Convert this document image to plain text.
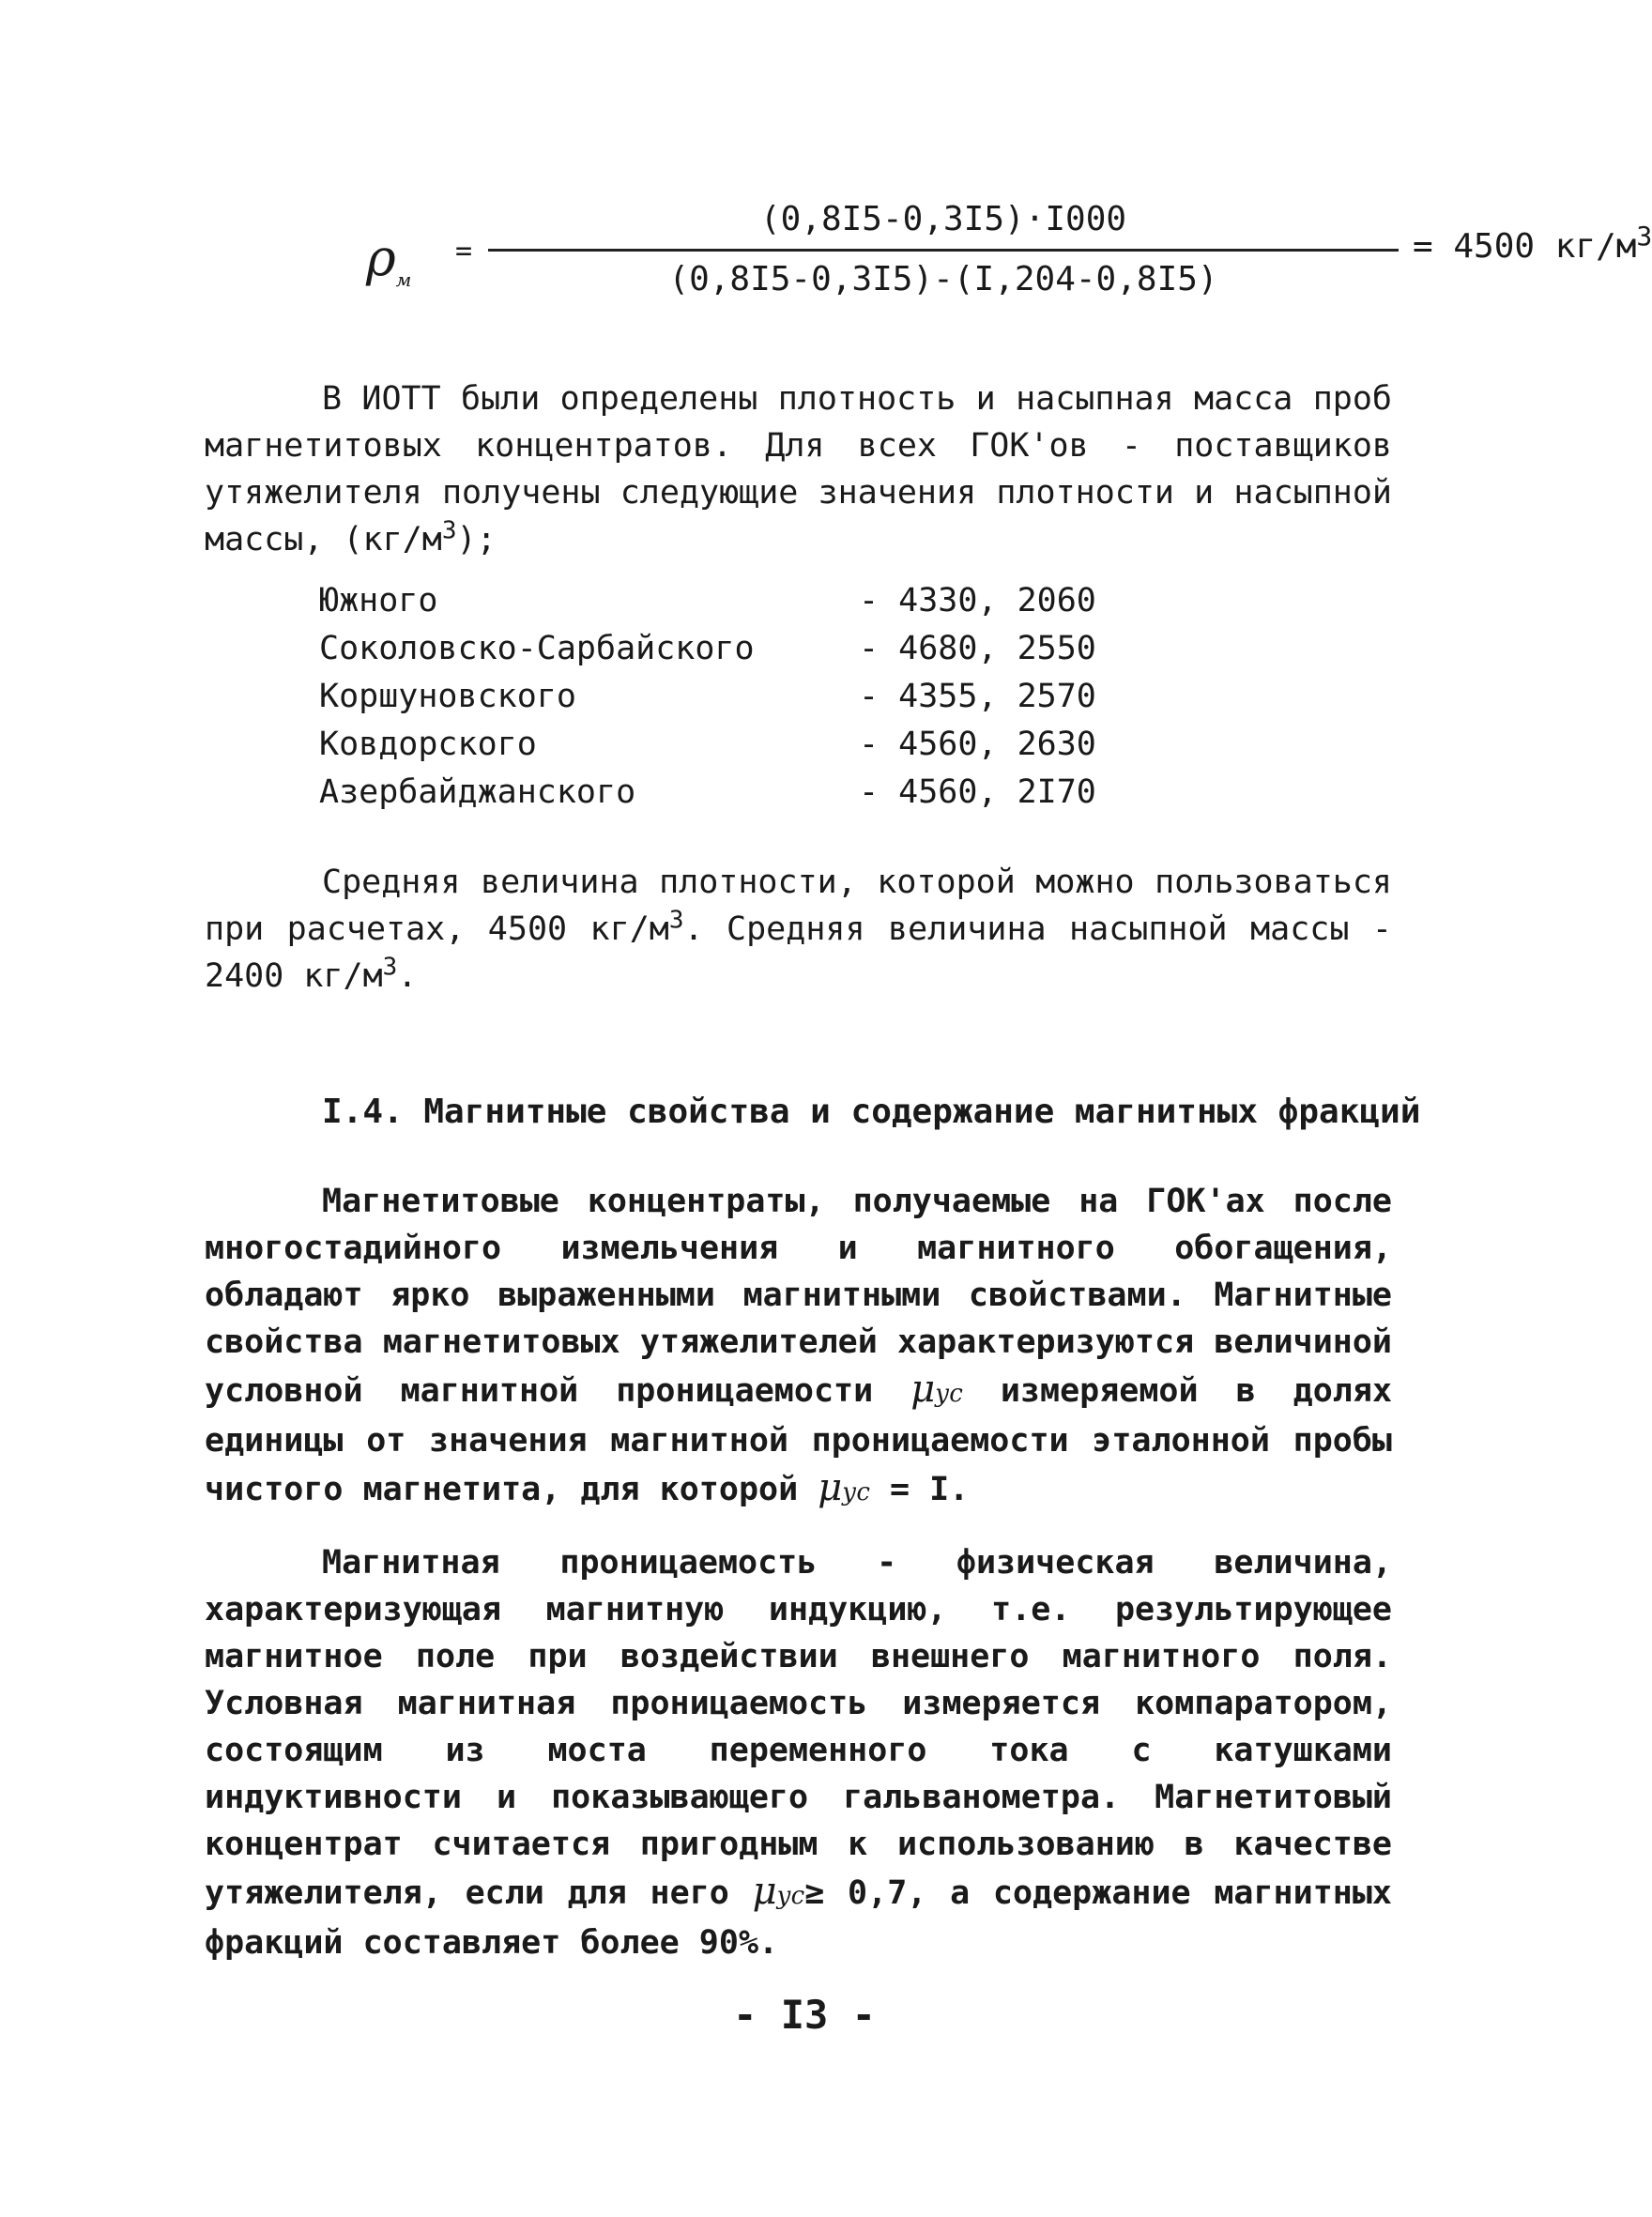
$\rho_м$
=
(0,8I5-0,3I5)·I000
(0,8I5-0,3I5)-(I,204-0,8I5)
= 4500 $кг/м^3$

В ИОТТ были определены плотность и насыпная масса проб магнетитовых концентратов. Для всех ГОК'ов - поставщиков утяжелителя получены следующие значения плотности и насыпной массы, $(кг/м^3)$;

Южного	- 4330, 2060
Соколовско-Сарбайского	- 4680, 2550
Коршуновского	- 4355, 2570
Ковдорского	- 4560, 2630
Азербайджанского	- 4560, 2I70

Средняя величина плотности, которой можно пользоваться при расчетах, 4500 $кг/м^3$. Средняя величина насыпной массы - 2400 $кг/м^3$.

I.4. Магнитные свойства и содержание магнитных фракций

Магнетитовые концентраты, получаемые на ГОК'ах после многостадийного измельчения и магнитного обогащения, обладают ярко выраженными магнитными свойствами. Магнитные свойства магнетитовых утяжелителей характеризуются величиной условной магнитной проницаемости μус измеряемой в долях единицы от значения магнитной проницаемости эталонной пробы чистого магнетита, для которой μус = I.

Магнитная проницаемость - физическая величина, характеризующая магнитную индукцию, т.е. результирующее магнитное поле при воздействии внешнего магнитного поля. Условная магнитная проницаемость измеряется компаратором, состоящим из моста переменного тока с катушками индуктивности и показывающего гальванометра. Магнетитовый концентрат считается пригодным к использованию в качестве утяжелителя, если для него μус≥ 0,7, а содержание магнитных фракций составляет более 90%.

- I3 -
